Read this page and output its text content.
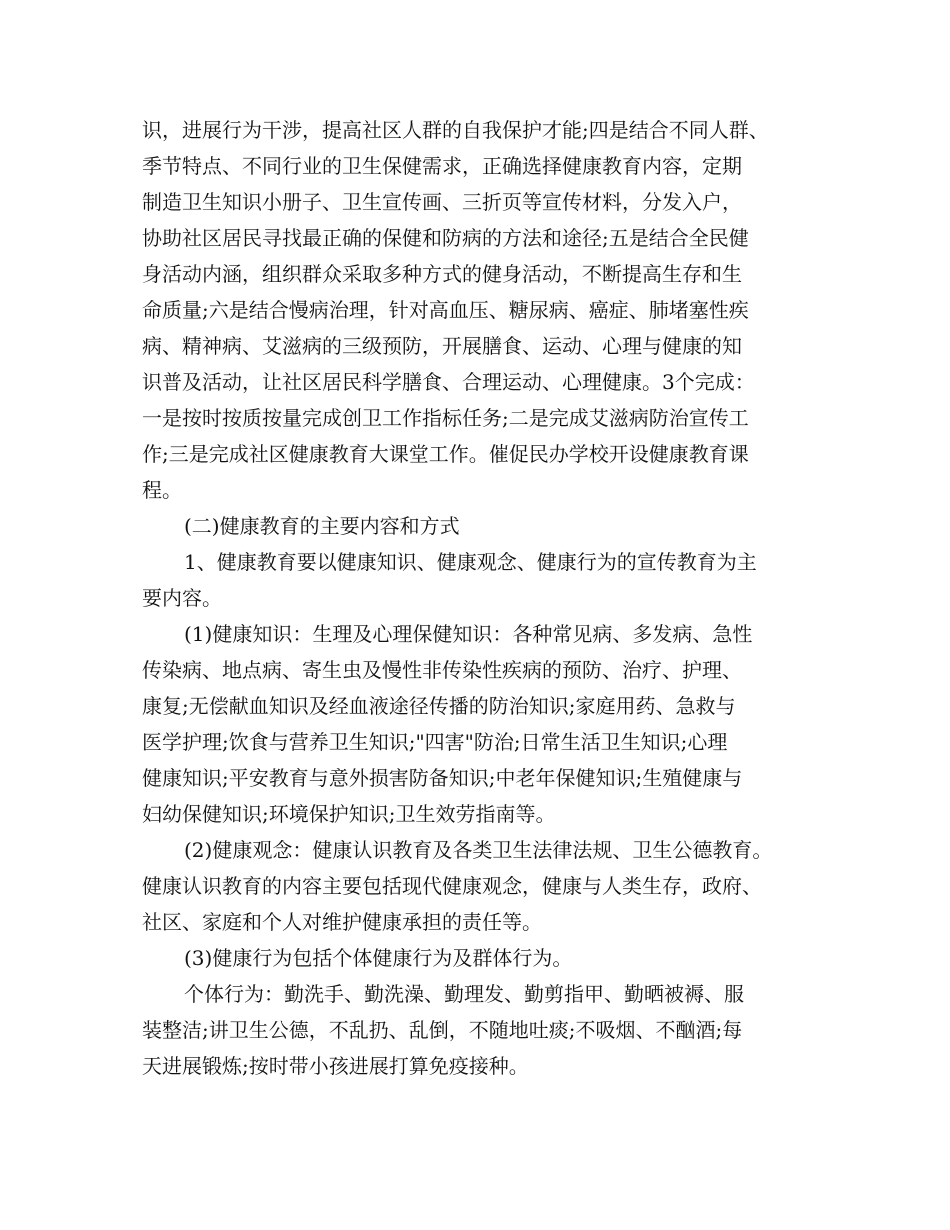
识，进展行为干涉，提高社区人群的自我保护才能;四是结合不同人群、
季节特点、不同行业的卫生保健需求，正确选择健康教育内容，定期
制造卫生知识小册子、卫生宣传画、三折页等宣传材料，分发入户，
协助社区居民寻找最正确的保健和防病的方法和途径;五是结合全民健
身活动内涵，组织群众采取多种方式的健身活动，不断提高生存和生
命质量;六是结合慢病治理，针对高血压、糖尿病、癌症、肺堵塞性疾
病、精神病、艾滋病的三级预防，开展膳食、运动、心理与健康的知
识普及活动，让社区居民科学膳食、合理运动、心理健康。3个完成：
一是按时按质按量完成创卫工作指标任务;二是完成艾滋病防治宣传工
作;三是完成社区健康教育大课堂工作。催促民办学校开设健康教育课
程。
(二)健康教育的主要内容和方式
1、健康教育要以健康知识、健康观念、健康行为的宣传教育为主
要内容。
(1)健康知识：生理及心理保健知识：各种常见病、多发病、急性
传染病、地点病、寄生虫及慢性非传染性疾病的预防、治疗、护理、
康复;无偿献血知识及经血液途径传播的防治知识;家庭用药、急救与
医学护理;饮食与营养卫生知识;"四害"防治;日常生活卫生知识;心理
健康知识;平安教育与意外损害防备知识;中老年保健知识;生殖健康与
妇幼保健知识;环境保护知识;卫生效劳指南等。
(2)健康观念：健康认识教育及各类卫生法律法规、卫生公德教育。
健康认识教育的内容主要包括现代健康观念，健康与人类生存，政府、
社区、家庭和个人对维护健康承担的责任等。
(3)健康行为包括个体健康行为及群体行为。
个体行为：勤洗手、勤洗澡、勤理发、勤剪指甲、勤晒被褥、服
装整洁;讲卫生公德，不乱扔、乱倒，不随地吐痰;不吸烟、不酗酒;每
天进展锻炼;按时带小孩进展打算免疫接种。
